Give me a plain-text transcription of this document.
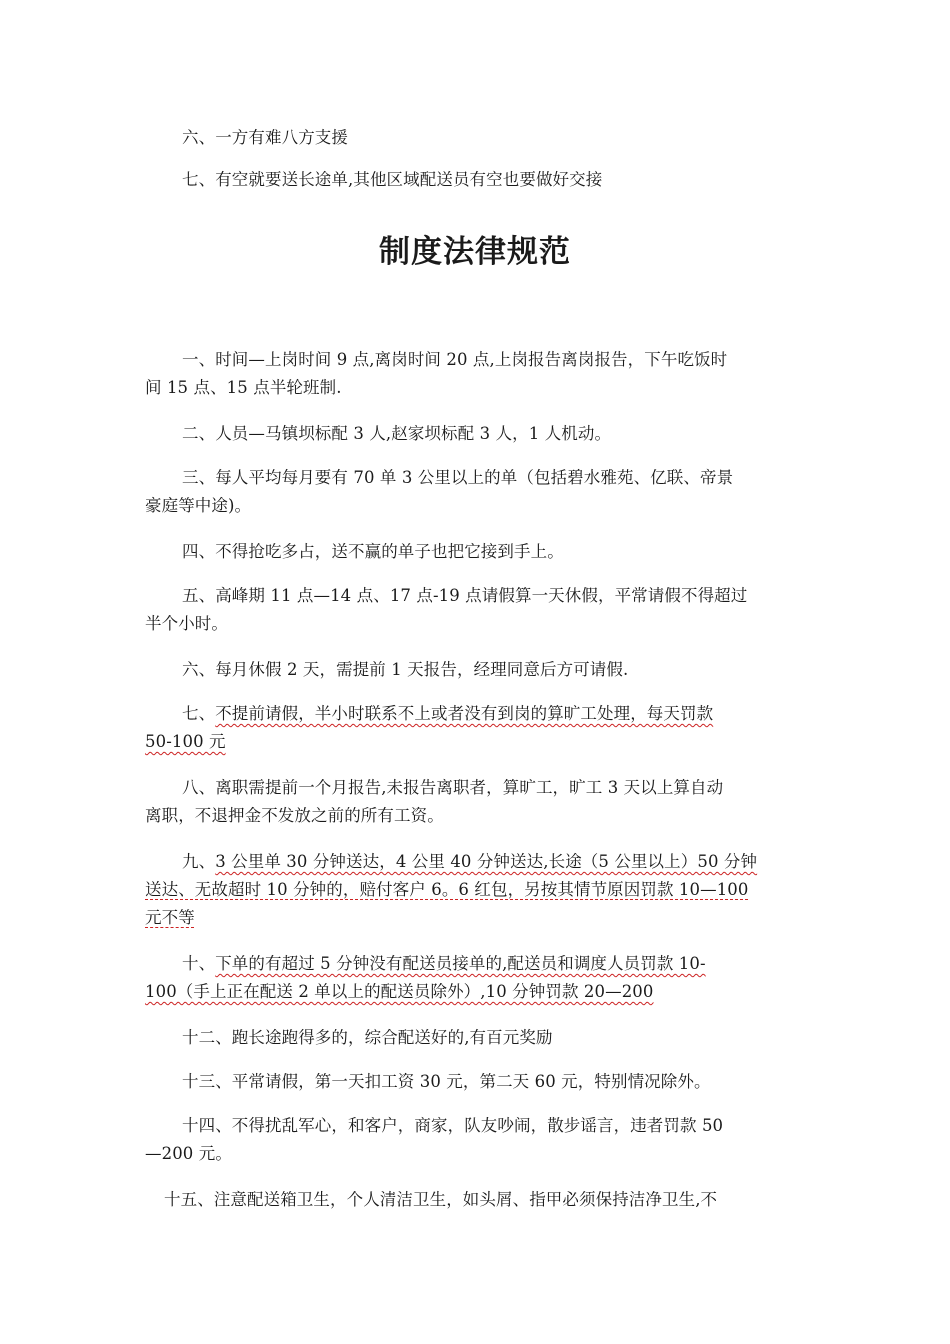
六、一方有难八方支援
七、有空就要送长途单,其他区域配送员有空也要做好交接
制度法律规范
一、时间—上岗时间 9 点,离岗时间 20 点,上岗报告离岗报告，下午吃饭时
间 15 点、15 点半轮班制.
二、人员—马镇坝标配 3 人,赵家坝标配 3 人，1 人机动。
三、每人平均每月要有 70 单 3 公里以上的单（包括碧水雅苑、亿联、帝景
豪庭等中途)。
四、不得抢吃多占，送不赢的单子也把它接到手上。
五、高峰期 11 点—14 点、17 点-19 点请假算一天休假，平常请假不得超过
半个小时。
六、每月休假 2 天，需提前 1 天报告，经理同意后方可请假.
七、不提前请假，半小时联系不上或者没有到岗的算旷工处理，每天罚款
50-100 元
八、离职需提前一个月报告,未报告离职者，算旷工，旷工 3 天以上算自动
离职，不退押金不发放之前的所有工资。
九、3 公里单 30 分钟送达，4 公里 40 分钟送达,长途（5 公里以上）50 分钟
送达、无故超时 10 分钟的，赔付客户 6。6 红包，另按其情节原因罚款 10—100
元不等
十、下单的有超过 5 分钟没有配送员接单的,配送员和调度人员罚款 10-
100（手上正在配送 2 单以上的配送员除外）,10 分钟罚款 20—200
十二、跑长途跑得多的，综合配送好的,有百元奖励
十三、平常请假，第一天扣工资 30 元，第二天 60 元，特别情况除外。
十四、不得扰乱军心，和客户，商家，队友吵闹，散步谣言，违者罚款 50
—200 元。
十五、注意配送箱卫生，个人清洁卫生，如头屑、指甲必须保持洁净卫生,不
